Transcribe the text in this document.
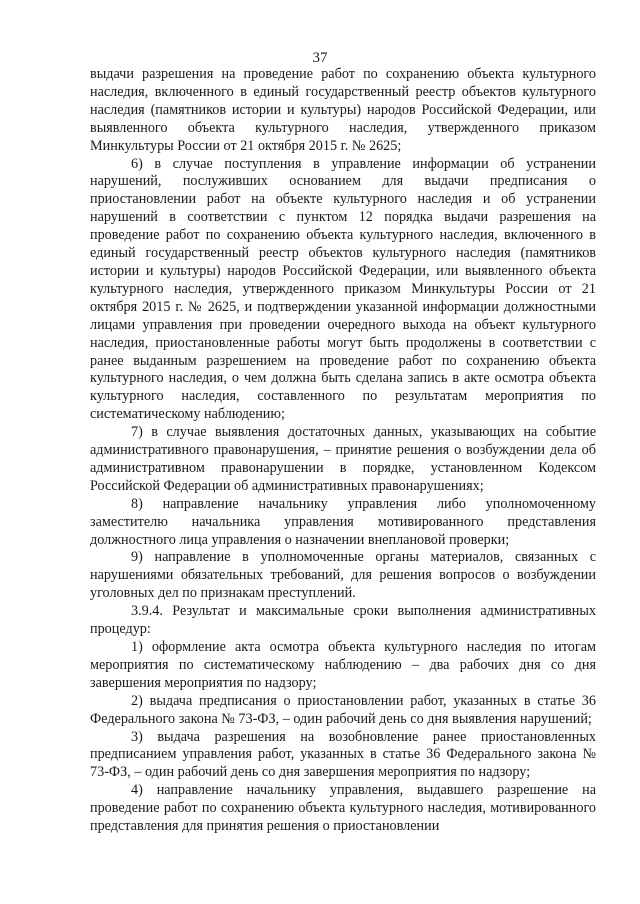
37

выдачи разрешения на проведение работ по сохранению объекта культурного наследия, включенного в единый государственный реестр объектов культурного наследия (памятников истории и культуры) народов Российской Федерации, или выявленного объекта культурного наследия, утвержденного приказом Минкультуры России от 21 октября 2015 г. № 2625;

6) в случае поступления в управление информации об устранении нарушений, послуживших основанием для выдачи предписания о приостановлении работ на объекте культурного наследия и об устранении нарушений в соответствии с пунктом 12 порядка выдачи разрешения на проведение работ по сохранению объекта культурного наследия, включенного в единый государственный реестр объектов культурного наследия (памятников истории и культуры) народов Российской Федерации, или выявленного объекта культурного наследия, утвержденного приказом Минкультуры России от 21 октября 2015 г. № 2625, и подтверждении указанной информации должностными лицами управления при проведении очередного выхода на объект культурного наследия, приостановленные работы могут быть продолжены в соответствии с ранее выданным разрешением на проведение работ по сохранению объекта культурного наследия, о чем должна быть сделана запись в акте осмотра объекта культурного наследия, составленного по результатам мероприятия по систематическому наблюдению;

7) в случае выявления достаточных данных, указывающих на событие административного правонарушения, – принятие решения о возбуждении дела об административном правонарушении в порядке, установленном Кодексом Российской Федерации об административных правонарушениях;

8) направление начальнику управления либо уполномоченному заместителю начальника управления мотивированного представления должностного лица управления о назначении внеплановой проверки;

9) направление в уполномоченные органы материалов, связанных с нарушениями обязательных требований, для решения вопросов о возбуждении уголовных дел по признакам преступлений.

3.9.4. Результат и максимальные сроки выполнения административных процедур:

1) оформление акта осмотра объекта культурного наследия по итогам мероприятия по систематическому наблюдению – два рабочих дня со дня завершения мероприятия по надзору;

2) выдача предписания о приостановлении работ, указанных в статье 36 Федерального закона № 73-ФЗ, – один рабочий день со дня выявления нарушений;

3) выдача разрешения на возобновление ранее приостановленных предписанием управления работ, указанных в статье 36 Федерального закона № 73-ФЗ, – один рабочий день со дня завершения мероприятия по надзору;

4) направление начальнику управления, выдавшего разрешение на проведение работ по сохранению объекта культурного наследия, мотивированного представления для принятия решения о приостановлении
